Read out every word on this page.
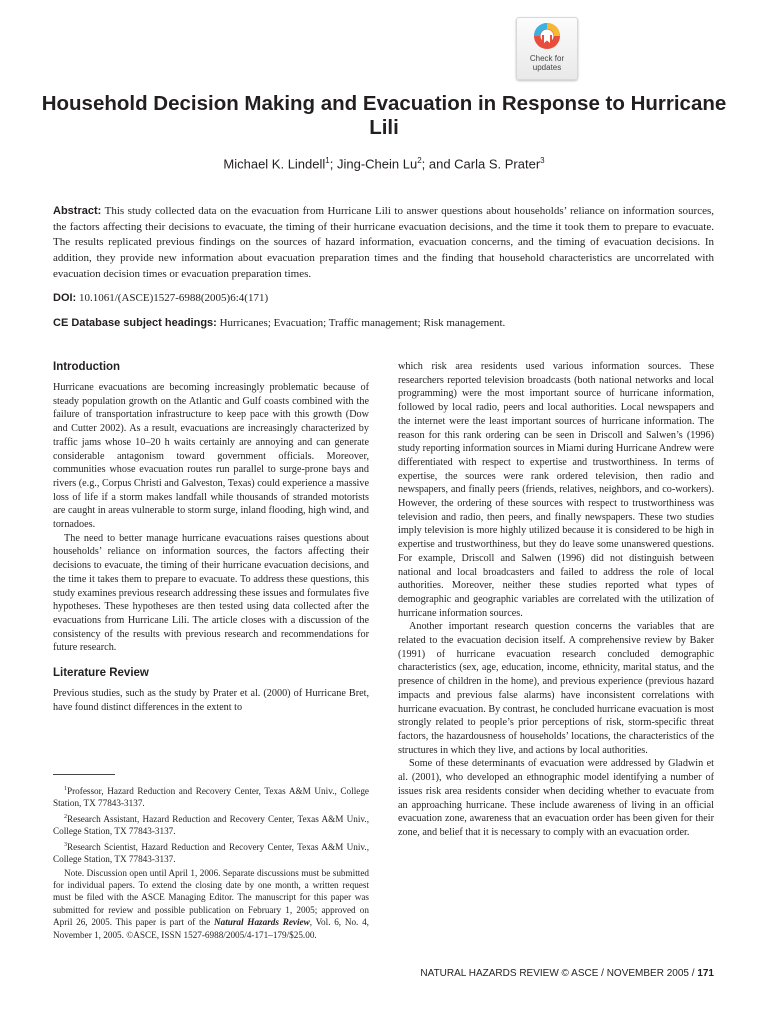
Check for
updates
Household Decision Making and Evacuation in Response to Hurricane Lili
Michael K. Lindell$^1$; Jing-Chein Lu$^2$; and Carla S. Prater$^3$

Abstract: This study collected data on the evacuation from Hurricane Lili to answer questions about households’ reliance on information sources, the factors affecting their decisions to evacuate, the timing of their hurricane evacuation decisions, and the time it took them to prepare to evacuate. The results replicated previous findings on the sources of hazard information, evacuation concerns, and the timing of evacuation decisions. In addition, they provide new information about evacuation preparation times and the finding that household characteristics are uncorrelated with evacuation decision times or evacuation preparation times.

DOI: 10.1061/(ASCE)1527-6988(2005)6:4(171)
CE Database subject headings: Hurricanes; Evacuation; Traffic management; Risk management.
Introduction

Hurricane evacuations are becoming increasingly problematic because of steady population growth on the Atlantic and Gulf coasts combined with the failure of transportation infrastructure to keep pace with this growth (Dow and Cutter 2002). As a result, evacuations are increasingly characterized by traffic jams whose 10–20 h waits certainly are annoying and can generate considerable antagonism toward government officials. Moreover, communities whose evacuation routes run parallel to surge-prone bays and rivers (e.g., Corpus Christi and Galveston, Texas) could experience a massive loss of life if a storm makes landfall while thousands of stranded motorists are caught in areas vulnerable to storm surge, inland flooding, high wind, and tornadoes.

The need to better manage hurricane evacuations raises questions about households’ reliance on information sources, the factors affecting their decisions to evacuate, the timing of their hurricane evacuation decisions, and the time it takes them to prepare to evacuate. To address these questions, this study examines previous research addressing these issues and formulates five hypotheses. These hypotheses are then tested using data collected after the evacuations from Hurricane Lili. The article closes with a discussion of the consistency of the results with previous research and recommendations for future research.

Literature Review

Previous studies, such as the study by Prater et al. (2000) of Hurricane Bret, have found distinct differences in the extent to

$^1$Professor, Hazard Reduction and Recovery Center, Texas A&M Univ., College Station, TX 77843-3137.

$^2$Research Assistant, Hazard Reduction and Recovery Center, Texas A&M Univ., College Station, TX 77843-3137.

$^3$Research Scientist, Hazard Reduction and Recovery Center, Texas A&M Univ., College Station, TX 77843-3137.

Note. Discussion open until April 1, 2006. Separate discussions must be submitted for individual papers. To extend the closing date by one month, a written request must be filed with the ASCE Managing Editor. The manuscript for this paper was submitted for review and possible publication on February 1, 2005; approved on April 26, 2005. This paper is part of the Natural Hazards Review, Vol. 6, No. 4, November 1, 2005. ©ASCE, ISSN 1527-6988/2005/4-171–179/$25.00.

which risk area residents used various information sources. These researchers reported television broadcasts (both national networks and local programming) were the most important source of hurricane information, followed by local radio, peers and local authorities. Local newspapers and the internet were the least important sources of hurricane information. The reason for this rank ordering can be seen in Driscoll and Salwen’s (1996) study reporting information sources in Miami during Hurricane Andrew were differentiated with respect to expertise and trustworthiness. In terms of expertise, the sources were rank ordered television, then radio and newspapers, and finally peers (friends, relatives, neighbors, and co-workers). However, the ordering of these sources with respect to trustworthiness was television and radio, then peers, and finally newspapers. These two studies imply television is more highly utilized because it is considered to be high in expertise and trustworthiness, but they do leave some unanswered questions. For example, Driscoll and Salwen (1996) did not distinguish between national and local broadcasters and failed to address the role of local authorities. Moreover, neither these studies reported what types of demographic and geographic variables are correlated with the utilization of hurricane information sources.

Another important research question concerns the variables that are related to the evacuation decision itself. A comprehensive review by Baker (1991) of hurricane evacuation research concluded demographic characteristics (sex, age, education, income, ethnicity, marital status, and the presence of children in the home), and previous experience (previous hazard impacts and previous false alarms) have inconsistent correlations with hurricane evacuation. By contrast, he concluded hurricane evacuation is most strongly related to people’s prior perceptions of risk, storm-specific threat factors, the hazardousness of households’ locations, the characteristics of the structures in which they live, and actions by local authorities.

Some of these determinants of evacuation were addressed by Gladwin et al. (2001), who developed an ethnographic model identifying a number of issues risk area residents consider when deciding whether to evacuate from an approaching hurricane. These include awareness of living in an official evacuation zone, awareness that an evacuation order has been given for their zone, and belief that it is necessary to comply with an evacuation order.

NATURAL HAZARDS REVIEW © ASCE / NOVEMBER 2005 / 171
